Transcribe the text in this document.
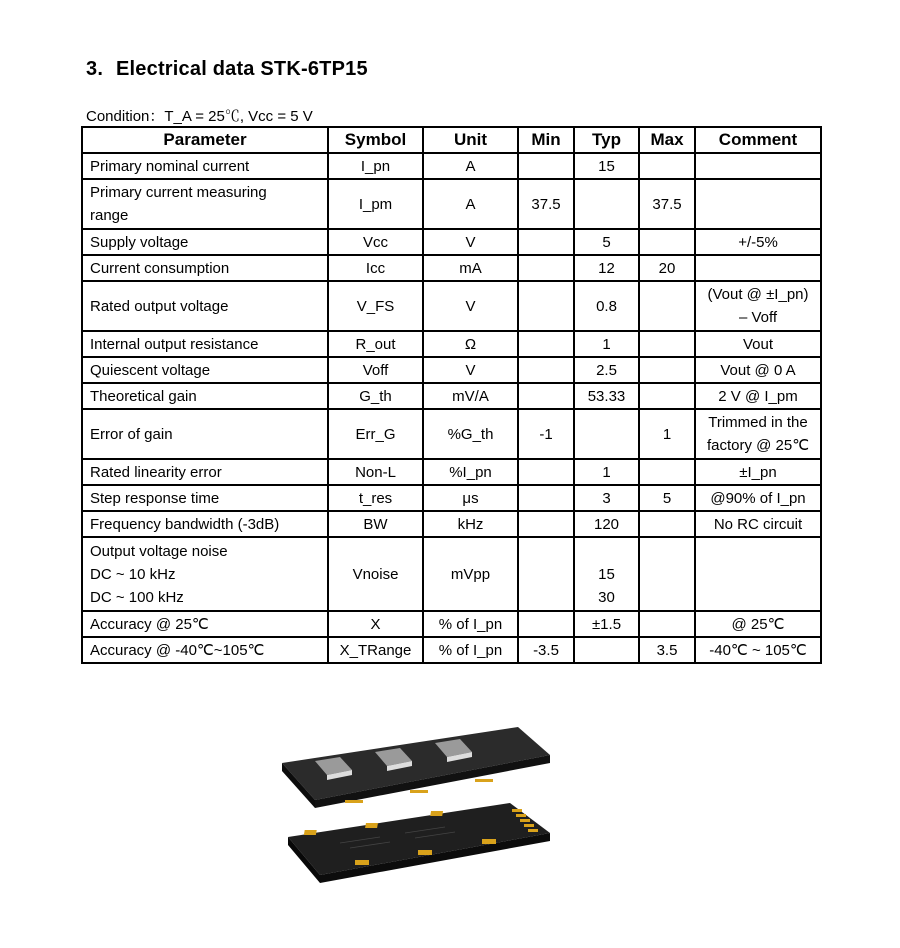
3. Electrical data STK-6TP15
Condition：T_A = 25℃, Vcc = 5 V
Parameter	Symbol	Unit	Min	Typ	Max	Comment

Primary nominal current	I_pn	A		15		

Primary current measuring
range	I_pm	A	37.5		37.5	

Supply voltage	Vcc	V		5		+/-5%

Current consumption	Icc	mA		12	20	

Rated output voltage	V_FS	V		0.8		(Vout @ ±I_pn)
– Voff

Internal output resistance	R_out	Ω		1		Vout

Quiescent voltage	Voff	V		2.5		Vout @ 0 A

Theoretical gain	G_th	mV/A		53.33		2 V @ I_pm

Error of gain	Err_G	%G_th	-1		1	Trimmed in the
factory @ 25℃

Rated linearity error	Non-L	%I_pn		1		±I_pn

Step response time	t_res	μs		3	5	@90% of I_pn

Frequency bandwidth (-3dB)	BW	kHz		120		No RC circuit

Output voltage noise
DC ~ 10 kHz
DC ~ 100 kHz	Vnoise	mVpp		15
30		

Accuracy @ 25℃	X	% of I_pn		±1.5		@ 25℃

Accuracy @ -40℃~105℃	X_TRange	% of I_pn	-3.5		3.5	-40℃ ~ 105℃
